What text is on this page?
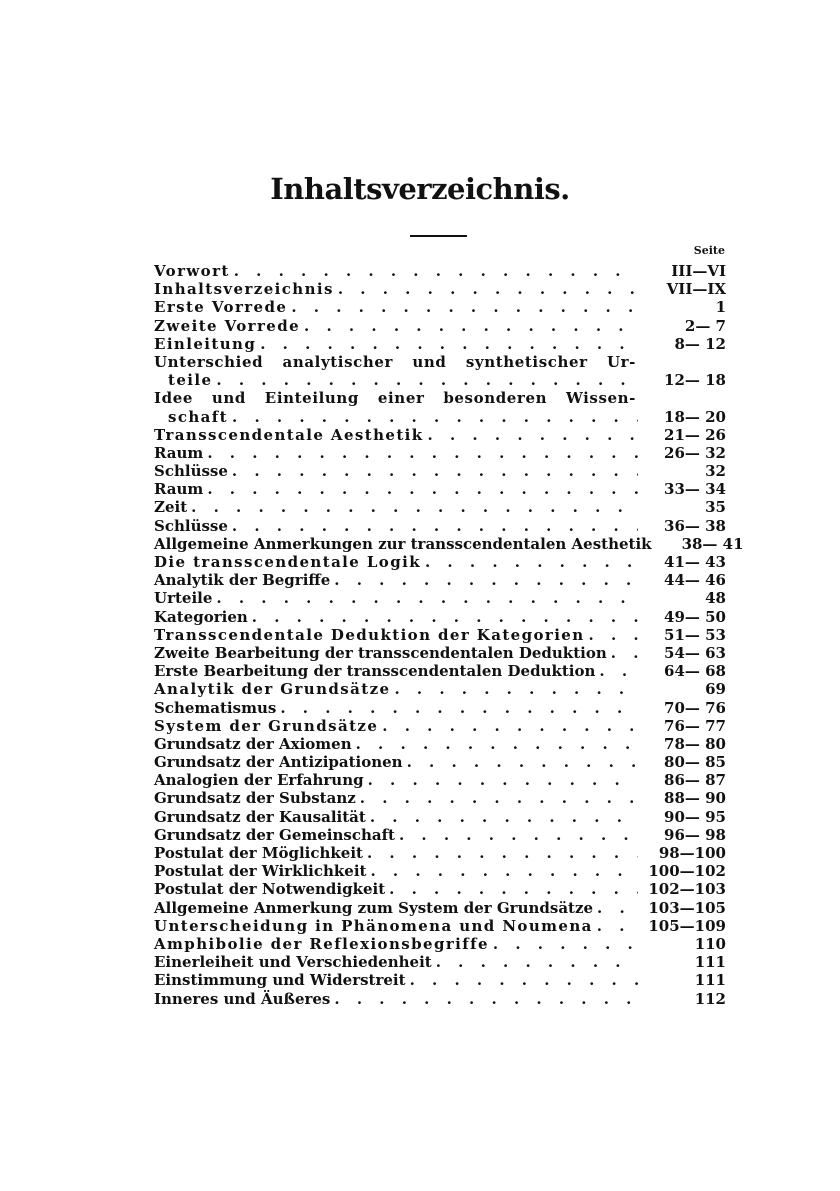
Inhaltsverzeichnis.
Seite
Vorwort . . .	III—VI
Inhaltsverzeichnis . . .	VII—IX
Erste Vorrede . . .	1
Zweite Vorrede . . .	2— 7
Einleitung . . .	8— 12
Unterschied analytischer und synthetischer Ur-
teile . . .	12— 18
Idee und Einteilung einer besonderen Wissen-
schaft . . .	18— 20
Transscendentale Aesthetik . . .	21— 26
Raum . . .	26— 32
Schlüsse . . .	32
Raum . . .	33— 34
Zeit . . .	35
Schlüsse . . .	36— 38
Allgemeine Anmerkungen zur transscendentalen Aesthetik . . .	38— 41
Die transscendentale Logik . . .	41— 43
Analytik der Begriffe . . .	44— 46
Urteile . . .	48
Kategorien . . .	49— 50
Transscendentale Deduktion der Kategorien . . .	51— 53
Zweite Bearbeitung der transscendentalen Deduktion . . .	54— 63
Erste Bearbeitung der transscendentalen Deduktion . . .	64— 68
Analytik der Grundsätze . . .	69
Schematismus . . .	70— 76
System der Grundsätze . . .	76— 77
Grundsatz der Axiomen . . .	78— 80
Grundsatz der Antizipationen . . .	80— 85
Analogien der Erfahrung . . .	86— 87
Grundsatz der Substanz . . .	88— 90
Grundsatz der Kausalität . . .	90— 95
Grundsatz der Gemeinschaft . . .	96— 98
Postulat der Möglichkeit . . .	98—100
Postulat der Wirklichkeit . . .	100—102
Postulat der Notwendigkeit . . .	102—103
Allgemeine Anmerkung zum System der Grundsätze . . .	103—105
Unterscheidung in Phänomena und Noumena . . .	105—109
Amphibolie der Reflexionsbegriffe . . .	110
Einerleiheit und Verschiedenheit . . .	111
Einstimmung und Widerstreit . . .	111
Inneres und Äußeres . . .	112
